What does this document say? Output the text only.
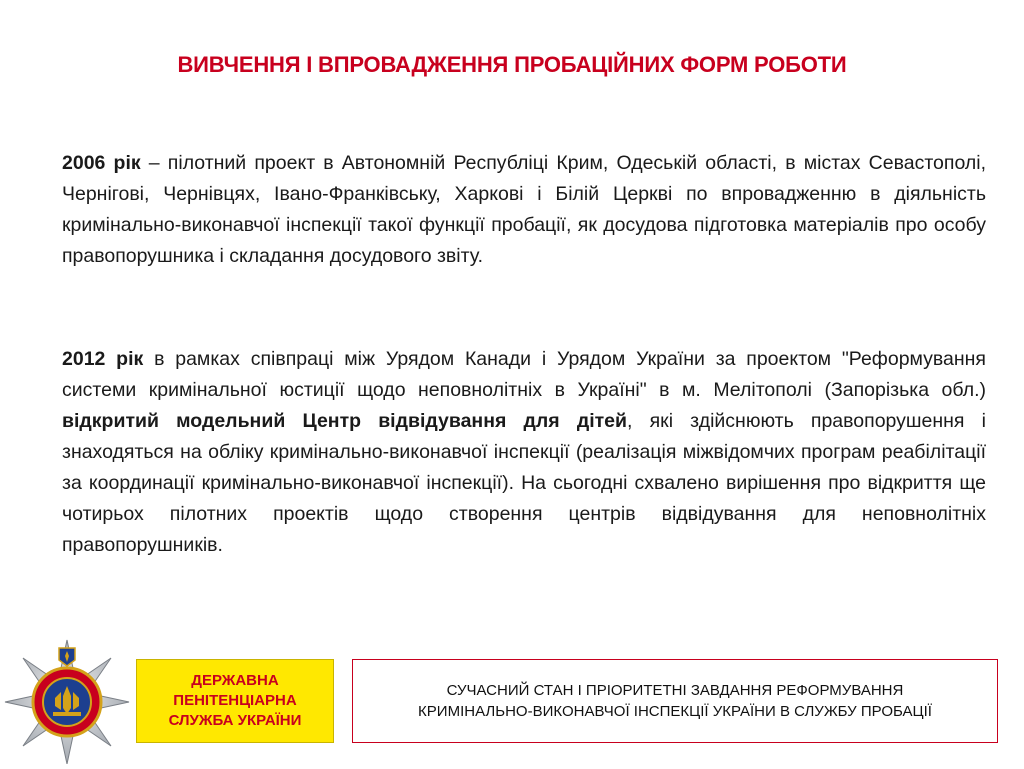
ВИВЧЕННЯ І ВПРОВАДЖЕННЯ ПРОБАЦІЙНИХ ФОРМ РОБОТИ

2006 рік – пілотний проект в Автономній Республіці Крим, Одеській області, в містах Севастополі, Чернігові, Чернівцях, Івано-Франківську, Харкові і Білій Церкві по впровадженню в діяльність кримінально-виконавчої інспекції такої функції пробації, як досудова підготовка матеріалів про особу правопорушника і складання досудового звіту.

2012 рік в рамках співпраці між Урядом Канади і Урядом України за проектом "Реформування системи кримінальної юстиції щодо неповнолітніх в Україні" в м. Мелітополі (Запорізька обл.) відкритий модельний Центр відвідування для дітей, які здійснюють правопорушення і знаходяться на обліку кримінально-виконавчої інспекції (реалізація міжвідомчих програм реабілітації за координації кримінально-виконавчої інспекції). На сьогодні схвалено вирішення про відкриття ще чотирьох пілотних проектів щодо створення центрів відвідування для неповнолітніх правопорушників.

ДЕРЖАВНА
ПЕНІТЕНЦІАРНА
СЛУЖБА УКРАЇНИ
СУЧАСНИЙ СТАН І ПРІОРИТЕТНІ ЗАВДАННЯ РЕФОРМУВАННЯ
КРИМІНАЛЬНО-ВИКОНАВЧОЇ ІНСПЕКЦІЇ УКРАЇНИ В СЛУЖБУ ПРОБАЦІЇ
